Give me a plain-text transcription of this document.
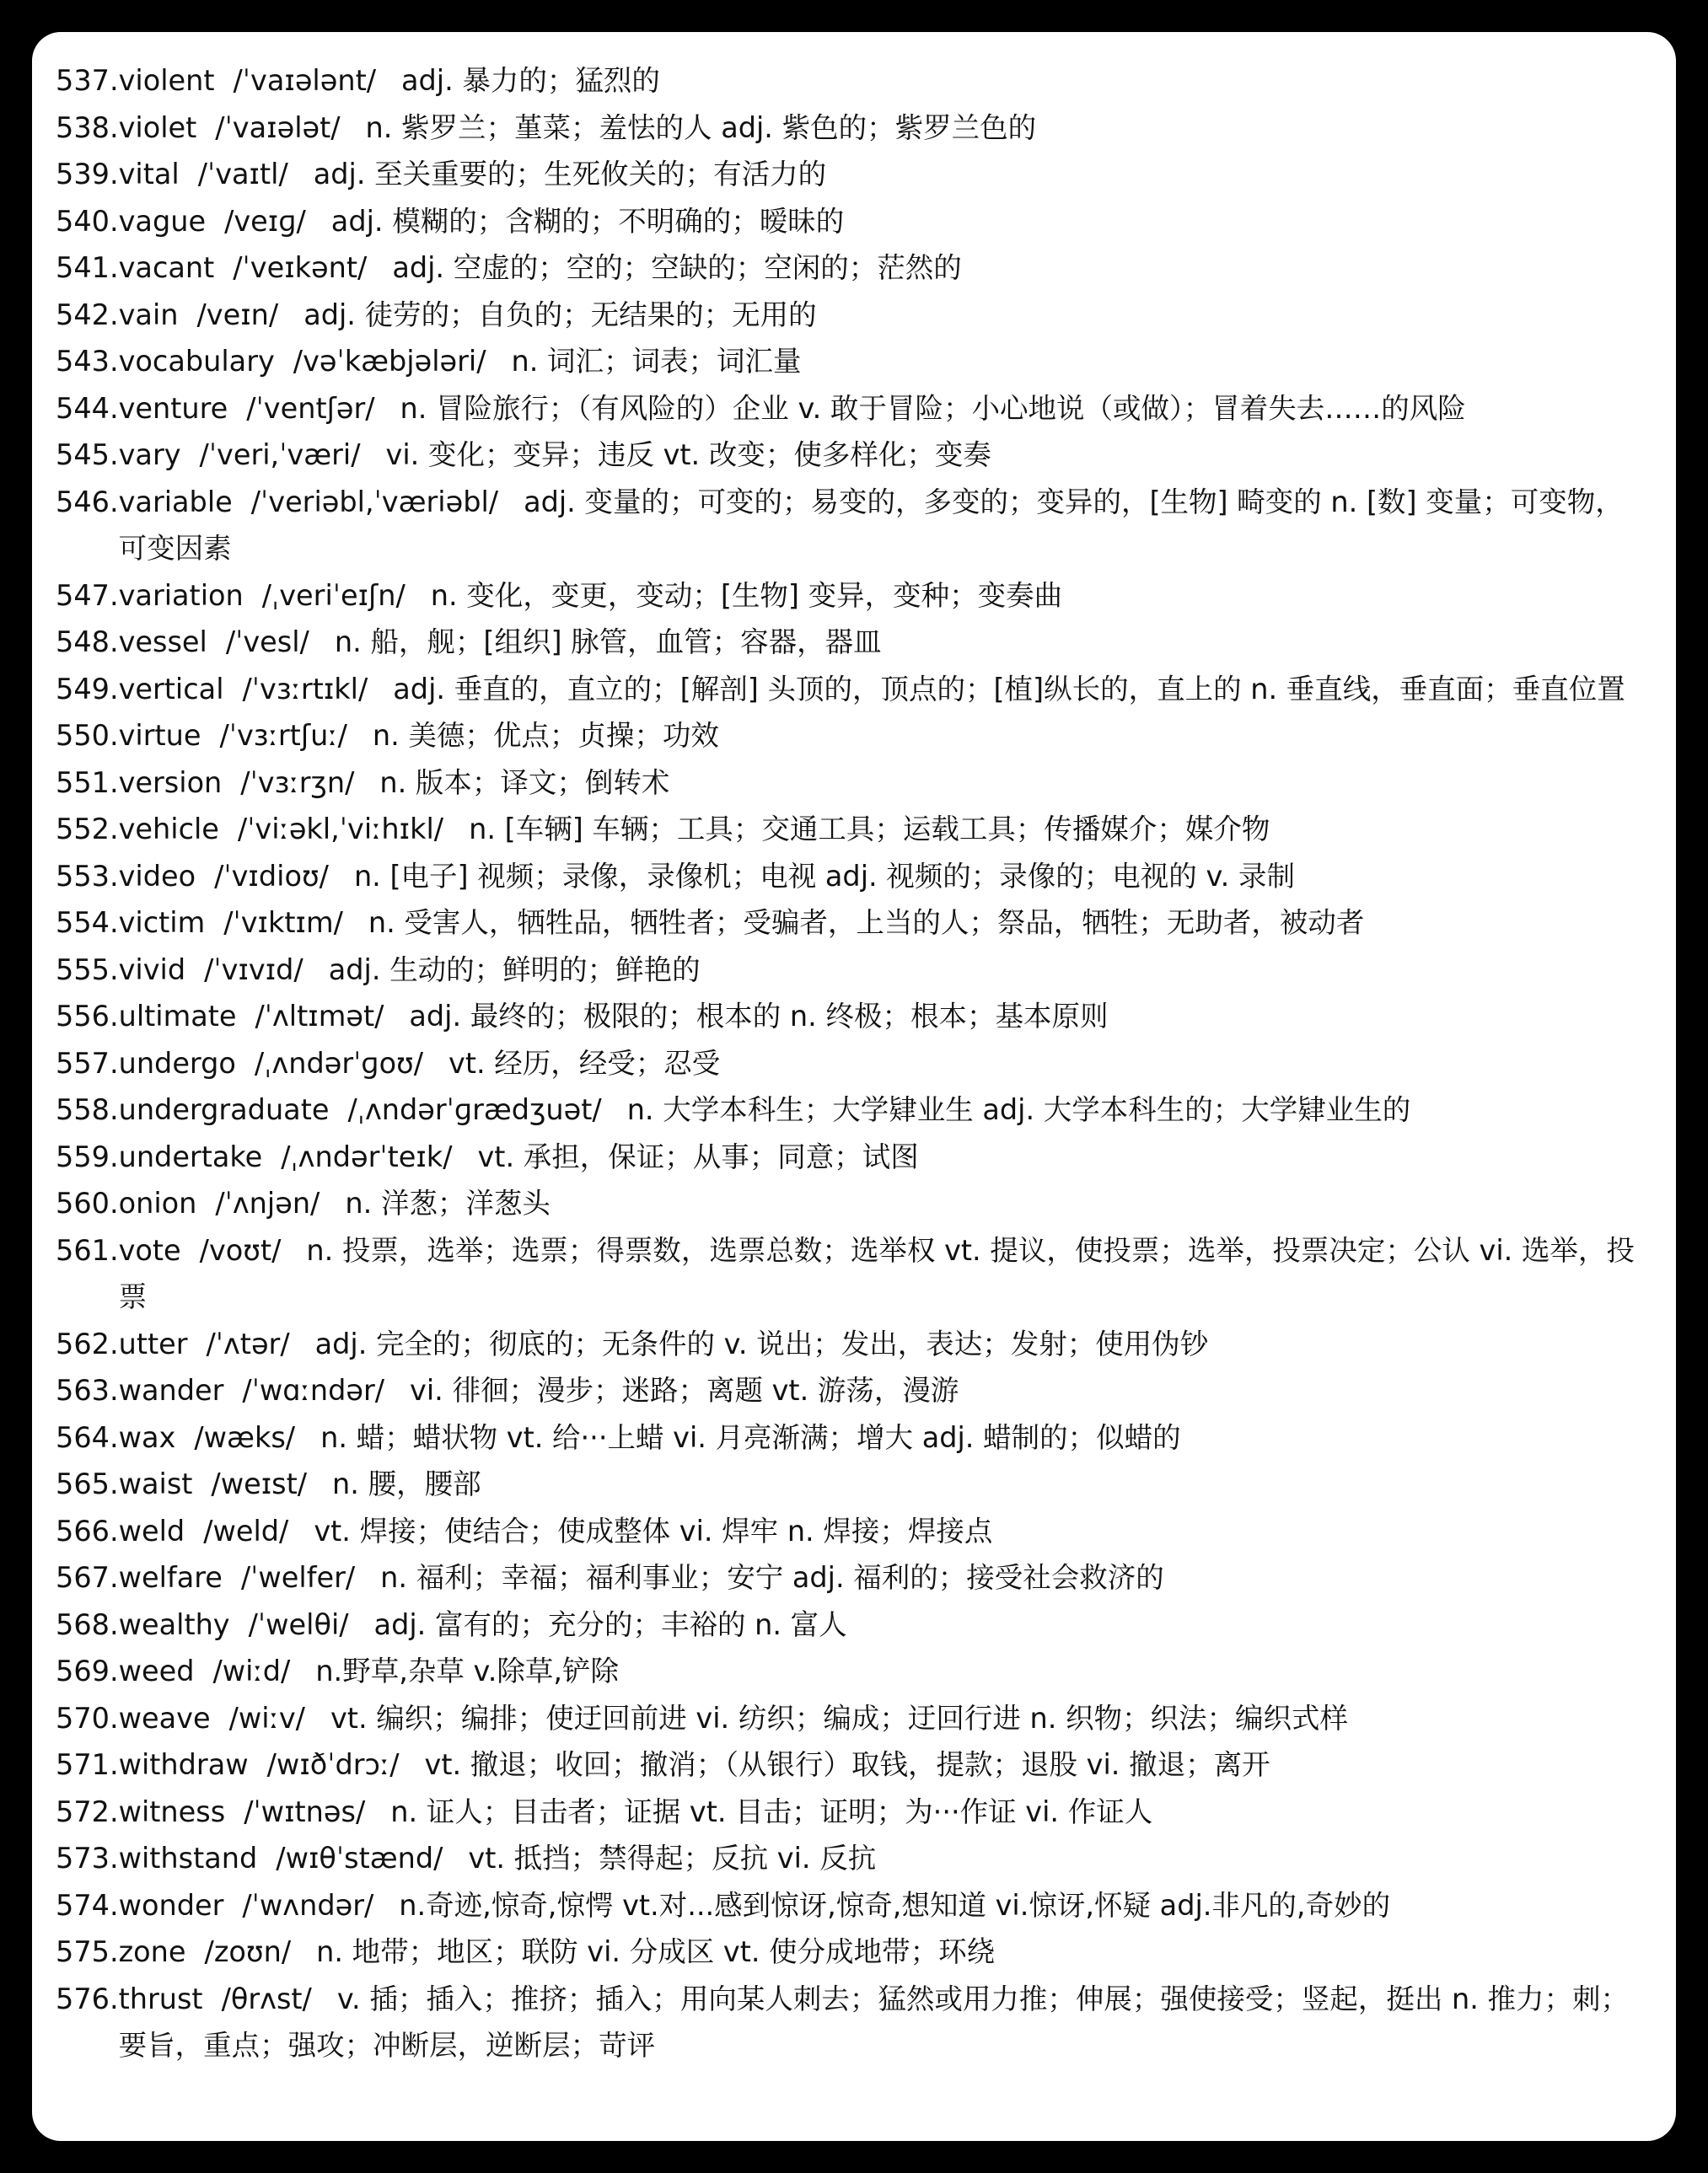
537. violent /ˈvaɪələnt/ adj. 暴力的；猛烈的
538. violet /ˈvaɪələt/ n. 紫罗兰；堇菜；羞怯的人 adj. 紫色的；紫罗兰色的
539. vital /ˈvaɪtl/ adj. 至关重要的；生死攸关的；有活力的
540. vague /veɪɡ/ adj. 模糊的；含糊的；不明确的；暧昧的
541. vacant /ˈveɪkənt/ adj. 空虚的；空的；空缺的；空闲的；茫然的
542. vain /veɪn/ adj. 徒劳的；自负的；无结果的；无用的
543. vocabulary /vəˈkæbjələri/ n. 词汇；词表；词汇量
544. venture /ˈventʃər/ n. 冒险旅行；（有风险的）企业 v. 敢于冒险；小心地说（或做）；冒着失去……的风险
545. vary /ˈveri,ˈværi/ vi. 变化；变异；违反 vt. 改变；使多样化；变奏
546. variable /ˈveriəbl,ˈværiəbl/ adj. 变量的；可变的；易变的，多变的；变异的，[生物] 畸变的 n. [数] 变量；可变物，可变因素
547. variation /ˌveriˈeɪʃn/ n. 变化，变更，变动；[生物] 变异，变种；变奏曲
548. vessel /ˈvesl/ n. 船，舰；[组织] 脉管，血管；容器，器皿
549. vertical /ˈvɜːrtɪkl/ adj. 垂直的，直立的；[解剖] 头顶的，顶点的；[植]纵长的，直上的 n. 垂直线，垂直面；垂直位置
550. virtue /ˈvɜːrtʃuː/ n. 美德；优点；贞操；功效
551. version /ˈvɜːrʒn/ n. 版本；译文；倒转术
552. vehicle /ˈviːəkl,ˈviːhɪkl/ n. [车辆] 车辆；工具；交通工具；运载工具；传播媒介；媒介物
553. video /ˈvɪdioʊ/ n. [电子] 视频；录像，录像机；电视 adj. 视频的；录像的；电视的 v. 录制
554. victim /ˈvɪktɪm/ n. 受害人，牺牲品，牺牲者；受骗者，上当的人；祭品，牺牲；无助者，被动者
555. vivid /ˈvɪvɪd/ adj. 生动的；鲜明的；鲜艳的
556. ultimate /ˈʌltɪmət/ adj. 最终的；极限的；根本的 n. 终极；根本；基本原则
557. undergo /ˌʌndərˈɡoʊ/ vt. 经历，经受；忍受
558. undergraduate /ˌʌndərˈɡrædʒuət/ n. 大学本科生；大学肄业生 adj. 大学本科生的；大学肄业生的
559. undertake /ˌʌndərˈteɪk/ vt. 承担，保证；从事；同意；试图
560. onion /ˈʌnjən/ n. 洋葱；洋葱头
561. vote /voʊt/ n. 投票，选举；选票；得票数，选票总数；选举权 vt. 提议，使投票；选举，投票决定；公认 vi. 选举，投票
562. utter /ˈʌtər/ adj. 完全的；彻底的；无条件的 v. 说出；发出，表达；发射；使用伪钞
563. wander /ˈwɑːndər/ vi. 徘徊；漫步；迷路；离题 vt. 游荡，漫游
564. wax /wæks/ n. 蜡；蜡状物 vt. 给···上蜡 vi. 月亮渐满；增大 adj. 蜡制的；似蜡的
565. waist /weɪst/ n. 腰，腰部
566. weld /weld/ vt. 焊接；使结合；使成整体 vi. 焊牢 n. 焊接；焊接点
567. welfare /ˈwelfer/ n. 福利；幸福；福利事业；安宁 adj. 福利的；接受社会救济的
568. wealthy /ˈwelθi/ adj. 富有的；充分的；丰裕的 n. 富人
569. weed /wiːd/ n.野草,杂草 v.除草,铲除
570. weave /wiːv/ vt. 编织；编排；使迂回前进 vi. 纺织；编成；迂回行进 n. 织物；织法；编织式样
571. withdraw /wɪðˈdrɔː/ vt. 撤退；收回；撤消；（从银行）取钱，提款；退股 vi. 撤退；离开
572. witness /ˈwɪtnəs/ n. 证人；目击者；证据 vt. 目击；证明；为···作证 vi. 作证人
573. withstand /wɪθˈstænd/ vt. 抵挡；禁得起；反抗 vi. 反抗
574. wonder /ˈwʌndər/ n.奇迹,惊奇,惊愕 vt.对...感到惊讶,惊奇,想知道 vi.惊讶,怀疑 adj.非凡的,奇妙的
575. zone /zoʊn/ n. 地带；地区；联防 vi. 分成区 vt. 使分成地带；环绕
576. thrust /θrʌst/ v. 插；插入；推挤；插入；用向某人刺去；猛然或用力推；伸展；强使接受；竖起，挺出 n. 推力；刺；要旨，重点；强攻；冲断层，逆断层；苛评
